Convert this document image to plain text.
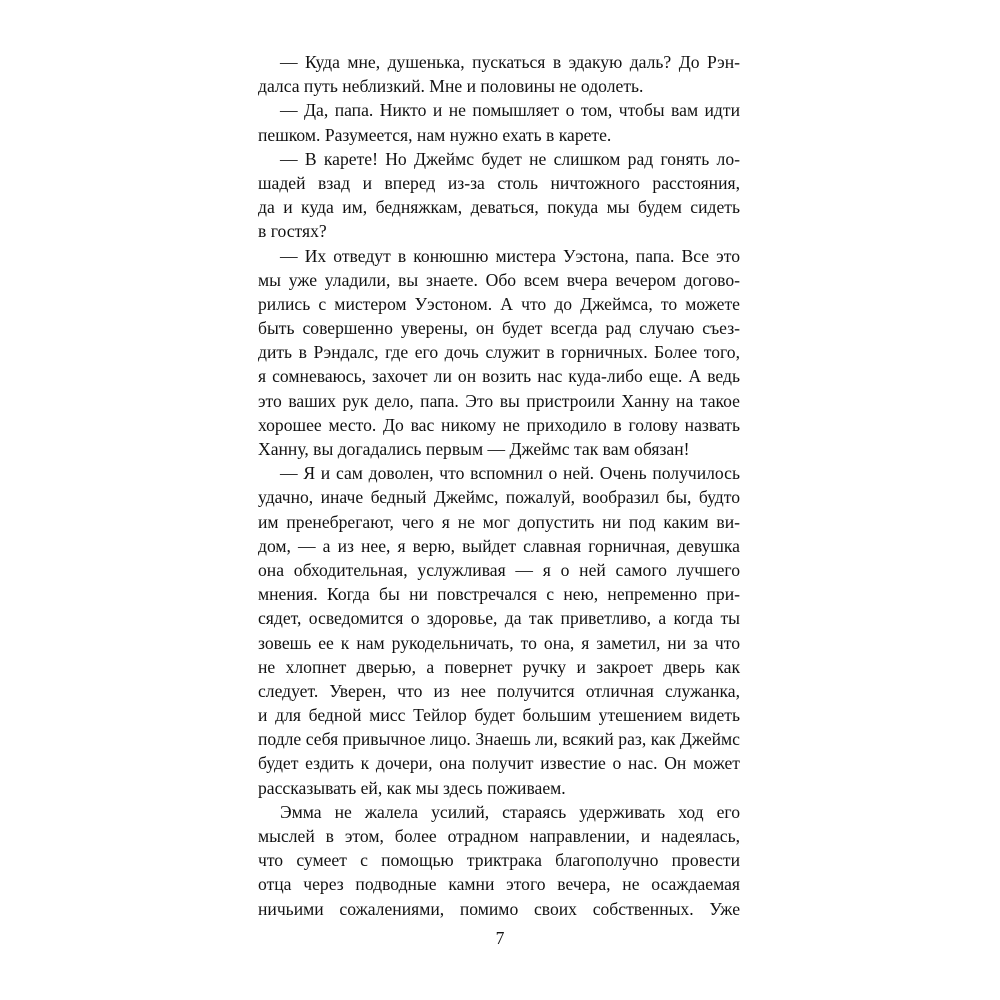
— Куда мне, душенька, пускаться в эдакую даль? До Рэн-
далса путь неблизкий. Мне и половины не одолеть.
— Да, папа. Никто и не помышляет о том, чтобы вам идти
пешком. Разумеется, нам нужно ехать в карете.
— В карете! Но Джеймс будет не слишком рад гонять ло-
шадей взад и вперед из-за столь ничтожного расстояния,
да и куда им, бедняжкам, деваться, покуда мы будем сидеть
в гостях?
— Их отведут в конюшню мистера Уэстона, папа. Все это
мы уже уладили, вы знаете. Обо всем вчера вечером догово-
рились с мистером Уэстоном. А что до Джеймса, то можете
быть совершенно уверены, он будет всегда рад случаю съез-
дить в Рэндалс, где его дочь служит в горничных. Более того,
я сомневаюсь, захочет ли он возить нас куда-либо еще. А ведь
это ваших рук дело, папа. Это вы пристроили Ханну на такое
хорошее место. До вас никому не приходило в голову назвать
Ханну, вы догадались первым — Джеймс так вам обязан!
— Я и сам доволен, что вспомнил о ней. Очень получилось
удачно, иначе бедный Джеймс, пожалуй, вообразил бы, будто
им пренебрегают, чего я не мог допустить ни под каким ви-
дом, — а из нее, я верю, выйдет славная горничная, девушка
она обходительная, услужливая — я о ней самого лучшего
мнения. Когда бы ни повстречался с нею, непременно при-
сядет, осведомится о здоровье, да так приветливо, а когда ты
зовешь ее к нам рукодельничать, то она, я заметил, ни за что
не хлопнет дверью, а повернет ручку и закроет дверь как
следует. Уверен, что из нее получится отличная служанка,
и для бедной мисс Тейлор будет большим утешением видеть
подле себя привычное лицо. Знаешь ли, всякий раз, как Джеймс
будет ездить к дочери, она получит известие о нас. Он может
рассказывать ей, как мы здесь поживаем.
Эмма не жалела усилий, стараясь удерживать ход его
мыслей в этом, более отрадном направлении, и надеялась,
что сумеет с помощью триктрака благополучно провести
отца через подводные камни этого вечера, не осаждаемая
ничьими сожалениями, помимо своих собственных. Уже
7
